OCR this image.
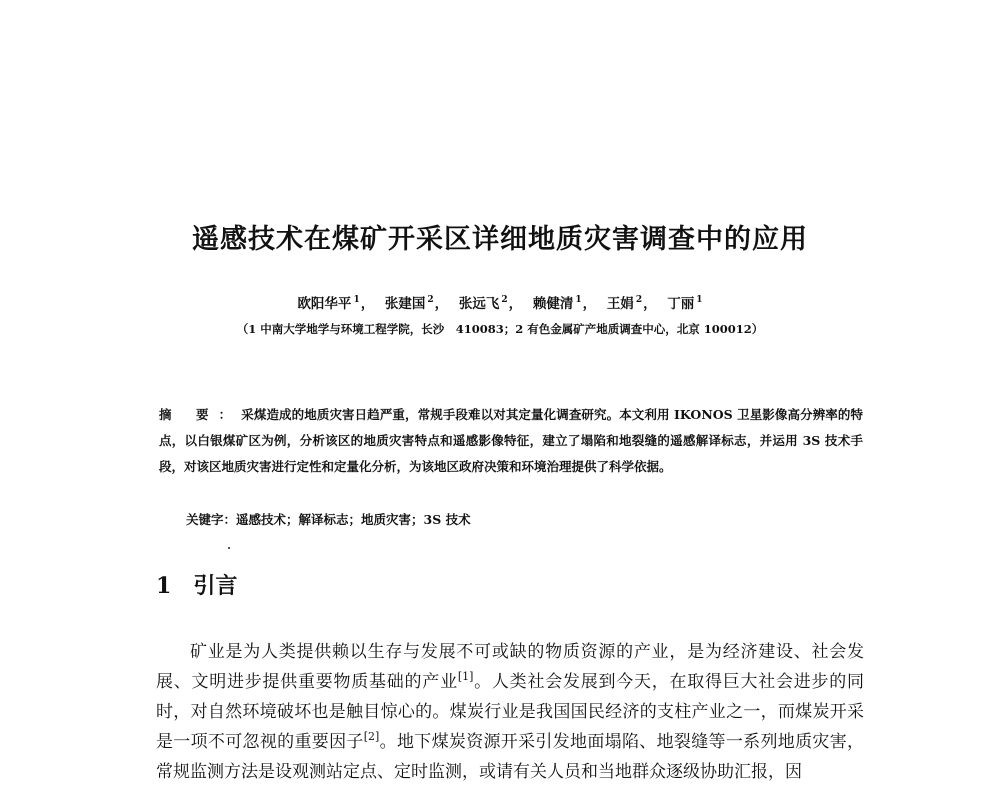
遥感技术在煤矿开采区详细地质灾害调查中的应用
欧阳华平 $^1$， 张建国 $^2$， 张远飞 $^2$， 赖健清 $^1$， 王娟 $^2$， 丁丽 $^1$
（1 中南大学地学与环境工程学院，长沙　410083；2 有色金属矿产地质调查中心，北京 100012）
摘 要：采煤造成的地质灾害日趋严重，常规手段难以对其定量化调查研究。本文利用 IKONOS 卫星影像高分辨率的特点，以白银煤矿区为例，分析该区的地质灾害特点和遥感影像特征，建立了塌陷和地裂缝的遥感解译标志，并运用 3S 技术手段，对该区地质灾害进行定性和定量化分析，为该地区政府决策和环境治理提供了科学依据。
关键字：遥感技术；解译标志；地质灾害；3S 技术
1 引言
矿业是为人类提供赖以生存与发展不可或缺的物质资源的产业，是为经济建设、社会发展、文明进步提供重要物质基础的产业[1]。人类社会发展到今天，在取得巨大社会进步的同时，对自然环境破坏也是触目惊心的。煤炭行业是我国国民经济的支柱产业之一，而煤炭开采是一项不可忽视的重要因子[2]。地下煤炭资源开采引发地面塌陷、地裂缝等一系列地质灾害，常规监测方法是设观测站定点、定时监测，或请有关人员和当地群众逐级协助汇报，因
